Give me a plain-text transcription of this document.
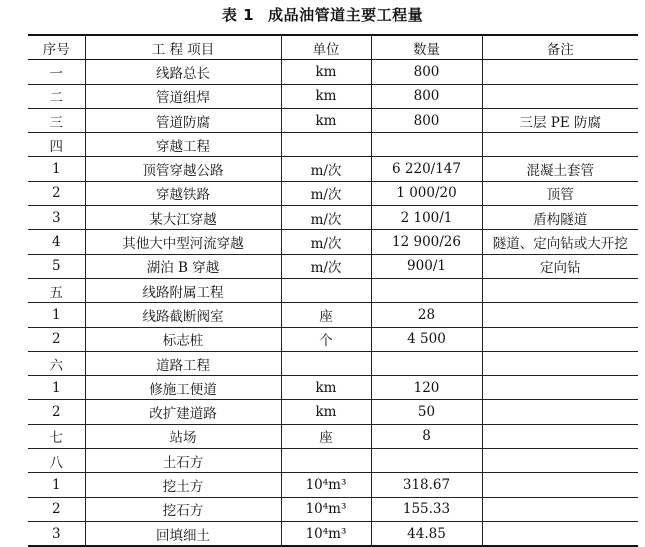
表 1 成品油管道主要工程量
序号	工 程 项目	单位	数量	备注
一	线路总长	km	800	
二	管道组焊	km	800	
三	管道防腐	km	800	三层 PE 防腐
四	穿越工程			
1	顶管穿越公路	m/次	6 220/147	混凝土套管
2	穿越铁路	m/次	1 000/20	顶管
3	某大江穿越	m/次	2 100/1	盾构隧道
4	其他大中型河流穿越	m/次	12 900/26	隧道、定向钻或大开挖
5	湖泊 B 穿越	m/次	900/1	定向钻
五	线路附属工程			
1	线路截断阀室	座	28	
2	标志桩	个	4 500	
六	道路工程			
1	修施工便道	km	120	
2	改扩建道路	km	50	
七	站场	座	8	
八	土石方			
1	挖土方	10⁴m³	318.67	
2	挖石方	10⁴m³	155.33	
3	回填细土	10⁴m³	44.85	
